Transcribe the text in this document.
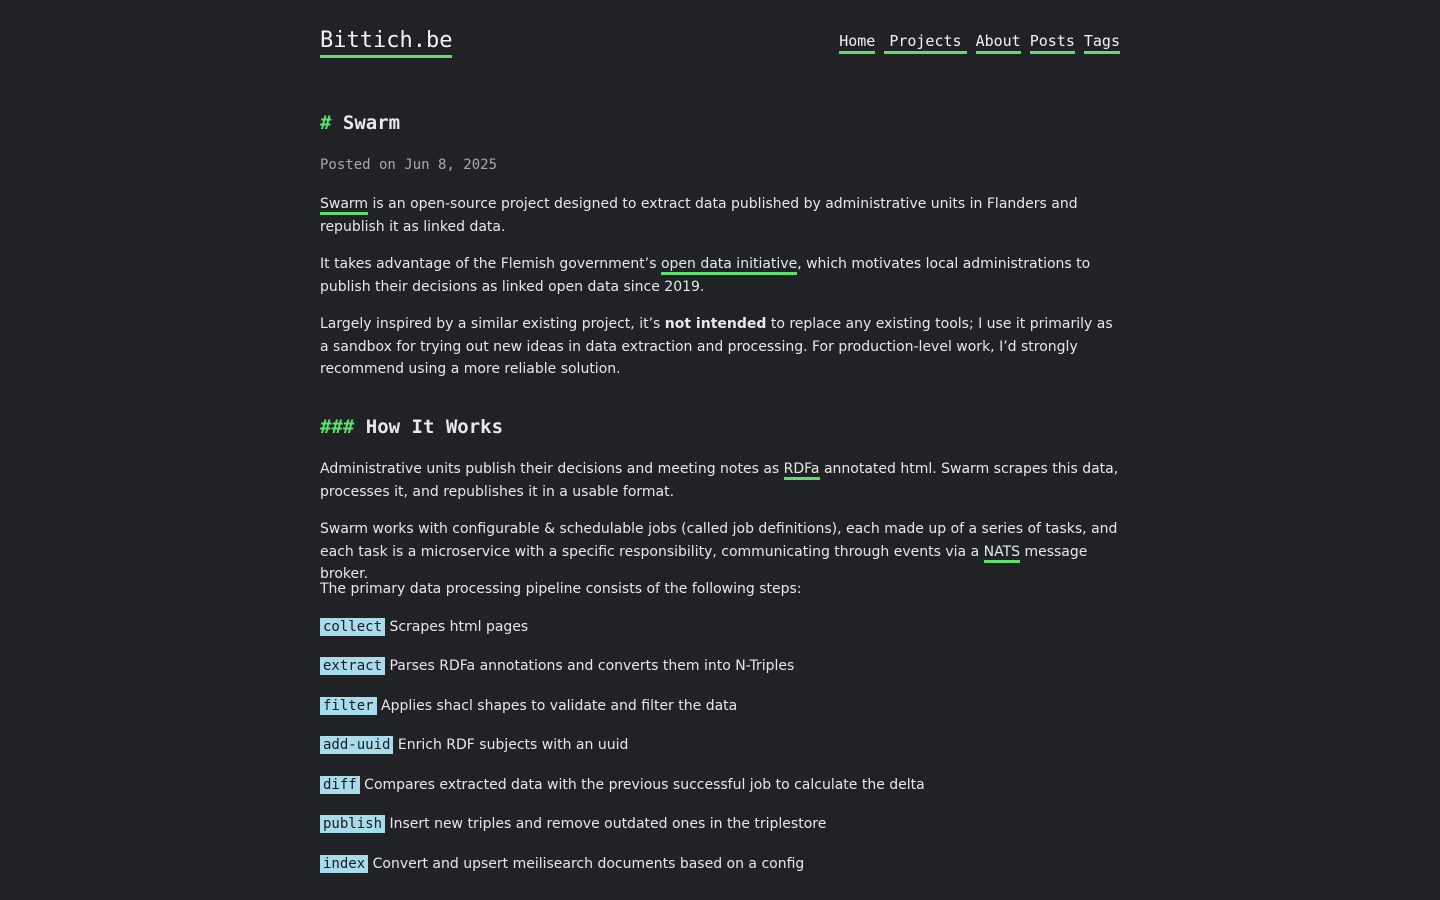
Bittich.be	Home Projects About Posts Tags
# Swarm
Posted on Jun 8, 2025

Swarm is an open-source project designed to extract data published by administrative units in Flanders and republish it as linked data.

It takes advantage of the Flemish government’s open data initiative, which motivates local administrations to publish their decisions as linked open data since 2019.

Largely inspired by a similar existing project, it’s not intended to replace any existing tools; I use it primarily as a sandbox for trying out new ideas in data extraction and processing. For production-level work, I’d strongly recommend using a more reliable solution.

### How It Works

Administrative units publish their decisions and meeting notes as RDFa annotated html. Swarm scrapes this data, processes it, and republishes it in a usable format.

Swarm works with configurable & schedulable jobs (called job definitions), each made up of a series of tasks, and each task is a microservice with a specific responsibility, communicating through events via a NATS message broker.

The primary data processing pipeline consists of the following steps:

collect Scrapes html pages
extract Parses RDFa annotations and converts them into N-Triples
filter Applies shacl shapes to validate and filter the data
add-uuid Enrich RDF subjects with an uuid
diff Compares extracted data with the previous successful job to calculate the delta
publish Insert new triples and remove outdated ones in the triplestore
index Convert and upsert meilisearch documents based on a config
